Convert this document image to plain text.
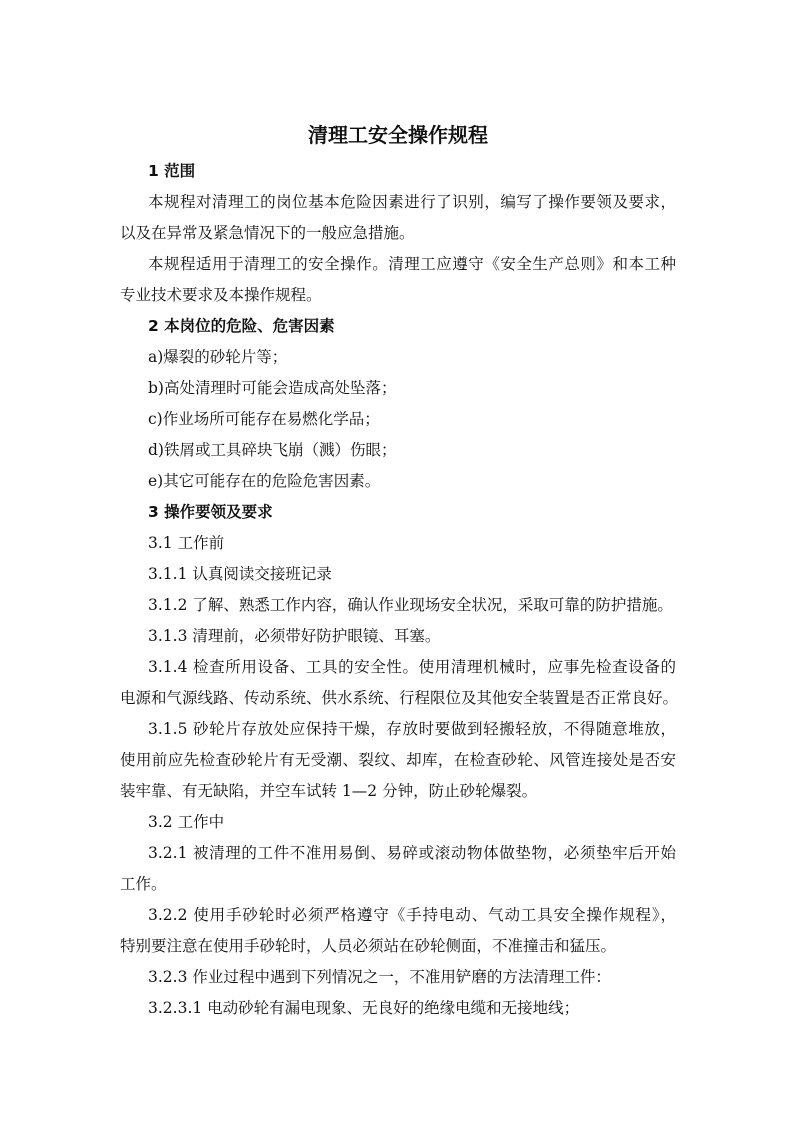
清理工安全操作规程
1 范围
本规程对清理工的岗位基本危险因素进行了识别，编写了操作要领及要求，
以及在异常及紧急情况下的一般应急措施。
本规程适用于清理工的安全操作。清理工应遵守《安全生产总则》和本工种
专业技术要求及本操作规程。
2 本岗位的危险、危害因素
a)爆裂的砂轮片等；
b)高处清理时可能会造成高处坠落；
c)作业场所可能存在易燃化学品；
d)铁屑或工具碎块飞崩（溅）伤眼；
e)其它可能存在的危险危害因素。
3 操作要领及要求
3.1 工作前
3.1.1 认真阅读交接班记录
3.1.2 了解、熟悉工作内容，确认作业现场安全状况，采取可靠的防护措施。
3.1.3 清理前，必须带好防护眼镜、耳塞。
3.1.4 检查所用设备、工具的安全性。使用清理机械时，应事先检查设备的
电源和气源线路、传动系统、供水系统、行程限位及其他安全装置是否正常良好。
3.1.5 砂轮片存放处应保持干燥，存放时要做到轻搬轻放，不得随意堆放，
使用前应先检查砂轮片有无受潮、裂纹、却库，在检查砂轮、风管连接处是否安
装牢靠、有无缺陷，并空车试转 1—2 分钟，防止砂轮爆裂。
3.2 工作中
3.2.1 被清理的工件不准用易倒、易碎或滚动物体做垫物，必须垫牢后开始
工作。
3.2.2 使用手砂轮时必须严格遵守《手持电动、气动工具安全操作规程》，
特别要注意在使用手砂轮时，人员必须站在砂轮侧面，不准撞击和猛压。
3.2.3 作业过程中遇到下列情况之一，不准用铲磨的方法清理工件：
3.2.3.1 电动砂轮有漏电现象、无良好的绝缘电缆和无接地线；
